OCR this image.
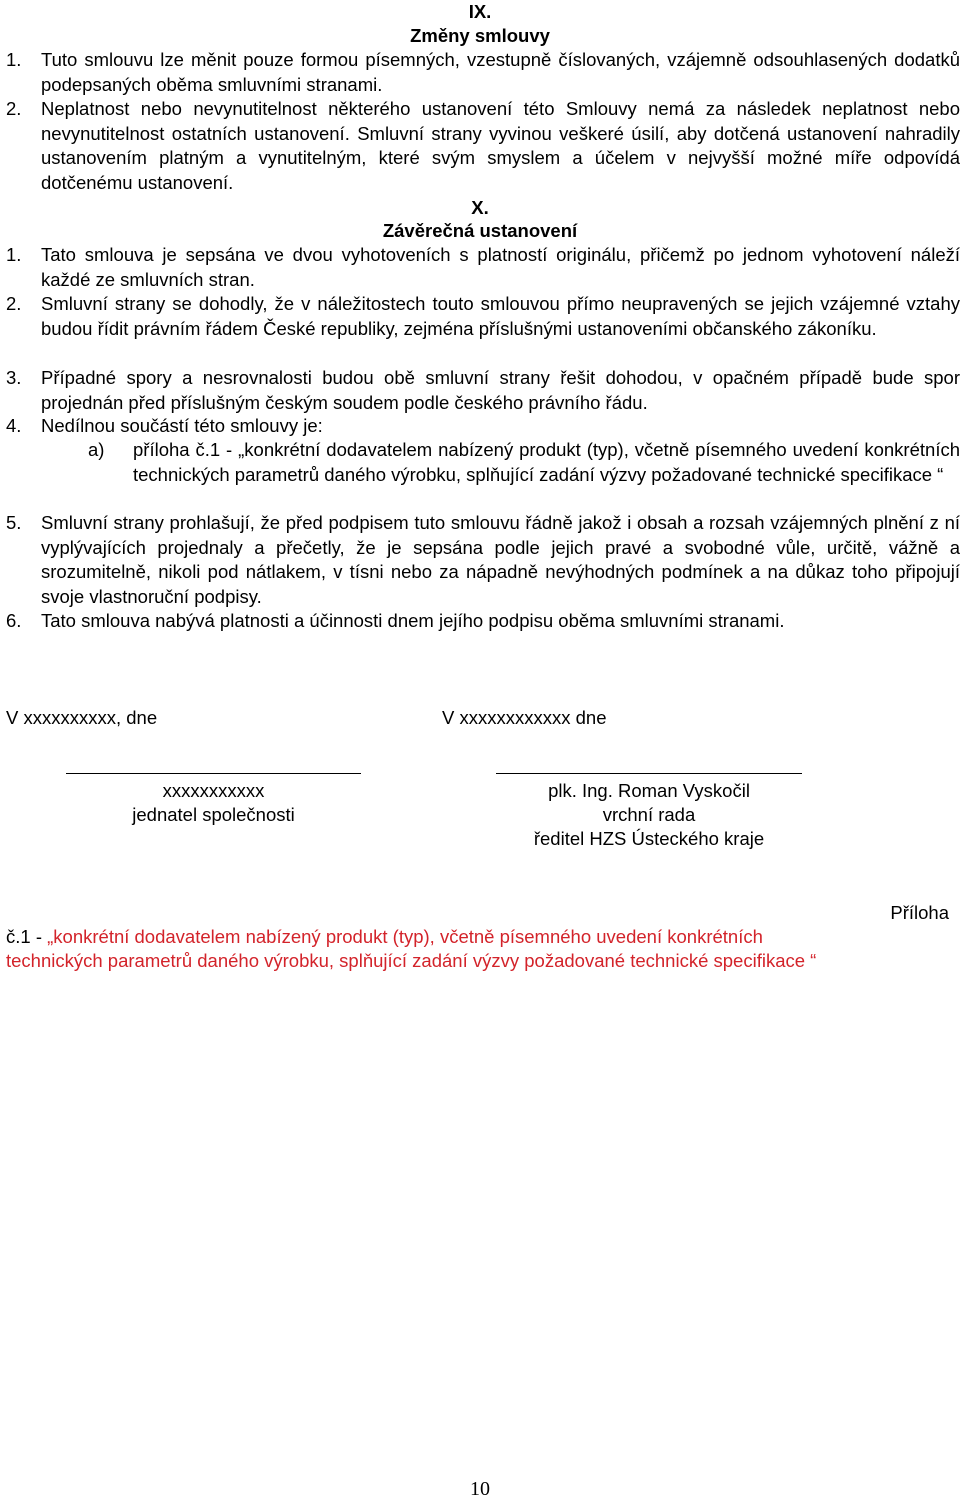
IX.
Změny smlouvy
1. Tuto smlouvu lze měnit pouze formou písemných, vzestupně číslovaných, vzájemně odsouhlasených dodatků podepsaných oběma smluvními stranami.
2. Neplatnost nebo nevynutitelnost některého ustanovení této Smlouvy nemá za následek neplatnost nebo nevynutitelnost ostatních ustanovení. Smluvní strany vyvinou veškeré úsilí, aby dotčená ustanovení nahradily ustanovením platným a vynutitelným, které svým smyslem a účelem v nejvyšší možné míře odpovídá dotčenému ustanovení.
X.
Závěrečná ustanovení
1. Tato smlouva je sepsána ve dvou vyhotoveních s platností originálu, přičemž po jednom vyhotovení náleží každé ze smluvních stran.
2. Smluvní strany se dohodly, že v náležitostech touto smlouvou přímo neupravených se jejich vzájemné vztahy budou řídit právním řádem České republiky, zejména příslušnými ustanoveními občanského zákoníku.
3. Případné spory a nesrovnalosti budou obě smluvní strany řešit dohodou, v opačném případě bude spor projednán před příslušným českým soudem podle českého právního řádu.
4. Nedílnou součástí této smlouvy je:
a) příloha č.1 - „konkrétní dodavatelem nabízený produkt (typ), včetně písemného uvedení konkrétních technických parametrů daného výrobku, splňující zadání výzvy požadované technické specifikace “
5. Smluvní strany prohlašují, že před podpisem tuto smlouvu řádně jakož i obsah a rozsah vzájemných plnění z ní vyplývajících projednaly a přečetly, že je sepsána podle jejich pravé a svobodné vůle, určitě, vážně a srozumitelně, nikoli pod nátlakem, v tísni nebo za nápadně nevýhodných podmínek a na důkaz toho připojují svoje vlastnoruční podpisy.
6. Tato smlouva nabývá platnosti a účinnosti dnem jejího podpisu oběma smluvními stranami.
V xxxxxxxxxx, dne	V xxxxxxxxxxxx dne
xxxxxxxxxxx
jednatel společnosti
plk. Ing. Roman Vyskočil
vrchní rada
ředitel HZS Ústeckého kraje
Příloha
č.1 - „konkrétní dodavatelem nabízený produkt (typ), včetně písemného uvedení konkrétních
technických parametrů daného výrobku, splňující zadání výzvy požadované technické specifikace “
10
